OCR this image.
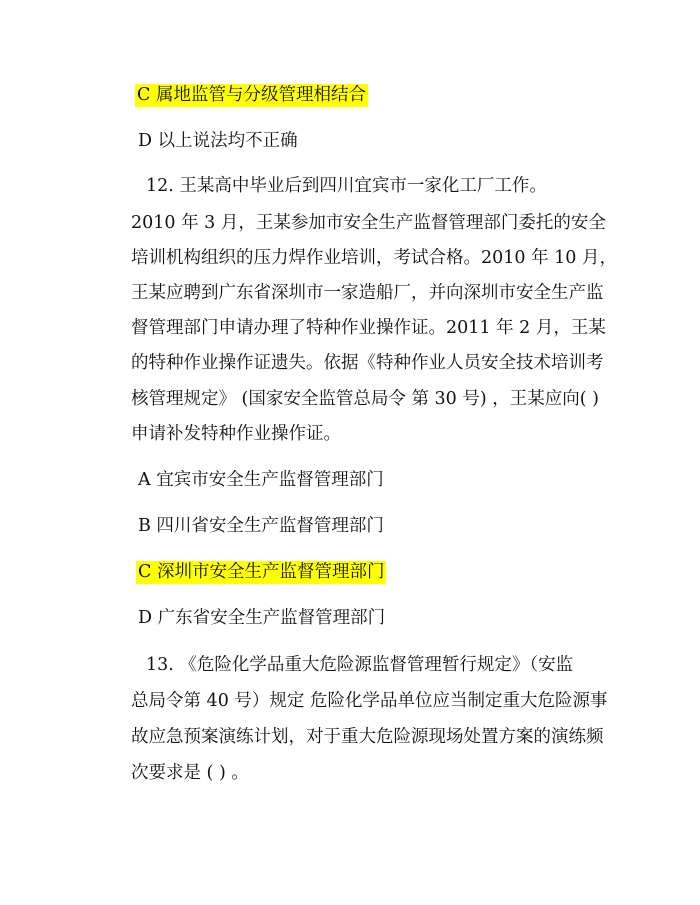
C 属地监管与分级管理相结合
D 以上说法均不正确
12. 王某高中毕业后到四川宜宾市一家化工厂工作。
2010 年 3 月，王某参加市安全生产监督管理部门委托的安全
培训机构组织的压力焊作业培训，考试合格。2010 年 10 月，
王某应聘到广东省深圳市一家造船厂，并向深圳市安全生产监
督管理部门申请办理了特种作业操作证。2011 年 2 月，王某
的特种作业操作证遗失。依据《特种作业人员安全技术培训考
核管理规定》 (国家安全监管总局令 第 30 号) ，王某应向( )
申请补发特种作业操作证。
A 宜宾市安全生产监督管理部门
B 四川省安全生产监督管理部门
C 深圳市安全生产监督管理部门
D 广东省安全生产监督管理部门
13. 《危险化学品重大危险源监督管理暂行规定》（安监
总局令第 40 号）规定 危险化学品单位应当制定重大危险源事
故应急预案演练计划，对于重大危险源现场处置方案的演练频
次要求是 ( ) 。
